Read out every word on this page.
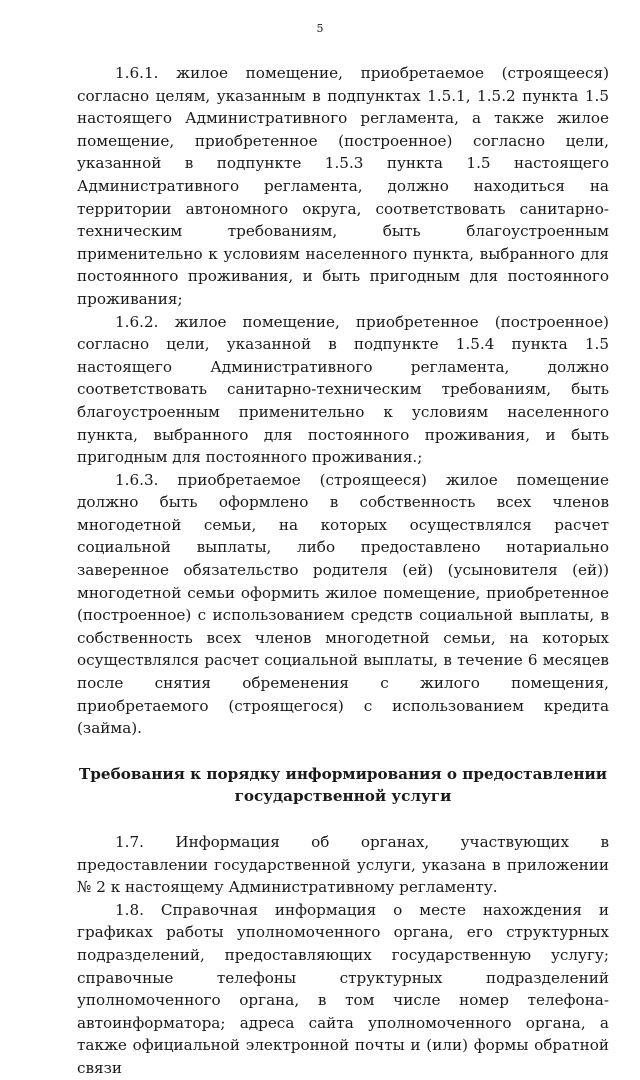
5

1.6.1. жилое помещение, приобретаемое (строящееся) согласно целям, указанным в подпунктах 1.5.1, 1.5.2 пункта 1.5 настоящего Административного регламента, а также жилое помещение, приобретенное (построенное) согласно цели, указанной в подпункте 1.5.3 пункта 1.5 настоящего Административного регламента, должно находиться на территории автономного округа, соответствовать санитарно-техническим требованиям, быть благоустроенным применительно к условиям населенного пункта, выбранного для постоянного проживания, и быть пригодным для постоянного проживания;

1.6.2. жилое помещение, приобретенное (построенное) согласно цели, указанной в подпункте 1.5.4 пункта 1.5 настоящего Административного регламента, должно соответствовать санитарно-техническим требованиям, быть благоустроенным применительно к условиям населенного пункта, выбранного для постоянного проживания, и быть пригодным для постоянного проживания.;

1.6.3. приобретаемое (строящееся) жилое помещение должно быть оформлено в собственность всех членов многодетной семьи, на которых осуществлялся расчет социальной выплаты, либо предоставлено нотариально заверенное обязательство родителя (ей) (усыновителя (ей)) многодетной семьи оформить жилое помещение, приобретенное (построенное) с использованием средств социальной выплаты, в собственность всех членов многодетной семьи, на которых осуществлялся расчет социальной выплаты, в течение 6 месяцев после снятия обременения с жилого помещения, приобретаемого (строящегося) с использованием кредита (займа).

Требования к порядку информирования о предоставлении
государственной услуги

1.7. Информация об органах, участвующих в предоставлении государственной услуги, указана в приложении № 2 к настоящему Административному регламенту.

1.8. Справочная информация о месте нахождения и графиках работы уполномоченного органа, его структурных подразделений, предоставляющих государственную услугу; справочные телефоны структурных подразделений уполномоченного органа, в том числе номер телефона-автоинформатора; адреса сайта уполномоченного органа, а также официальной электронной почты и (или) формы обратной связи
